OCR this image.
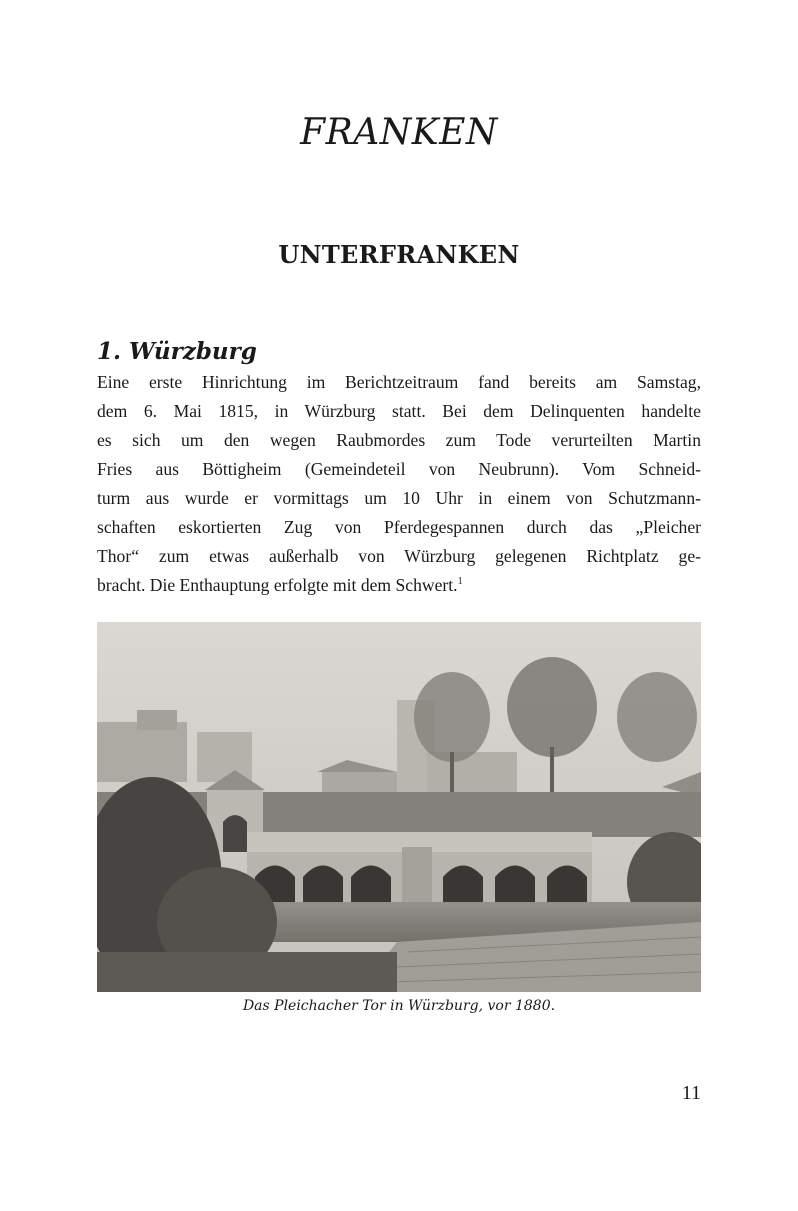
FRANKEN
UNTERFRANKEN
1. Würzburg
Eine erste Hinrichtung im Berichtzeitraum fand bereits am Samstag,
dem 6. Mai 1815, in Würzburg statt. Bei dem Delinquenten handelte
es sich um den wegen Raubmordes zum Tode verurteilten Martin
Fries aus Böttigheim (Gemeindeteil von Neubrunn). Vom Schneid-
turm aus wurde er vormittags um 10 Uhr in einem von Schutzmann-
schaften eskortierten Zug von Pferdegespannen durch das „Pleicher
Thor“ zum etwas außerhalb von Würzburg gelegenen Richtplatz ge-
bracht. Die Enthauptung erfolgte mit dem Schwert.$^1$

Das Pleichacher Tor in Würzburg, vor 1880.

11
